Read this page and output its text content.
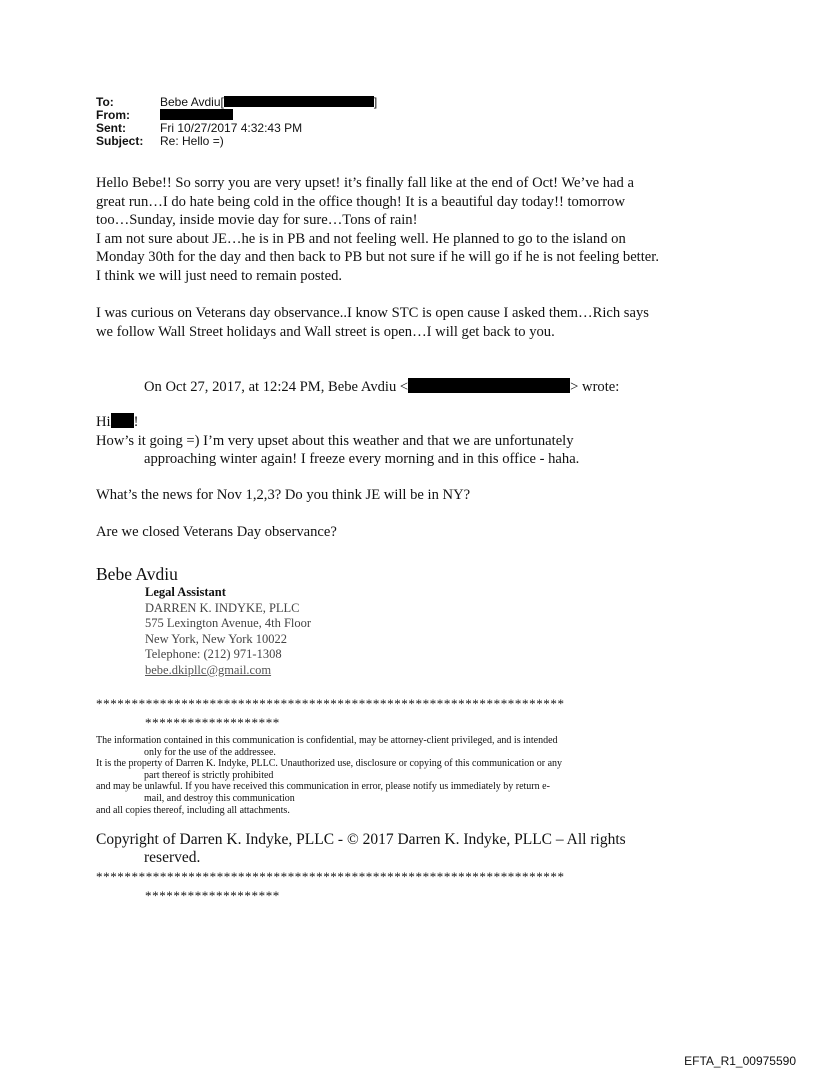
To:	Bebe Avdiu[	]
From:
Sent:	Fri 10/27/2017 4:32:43 PM
Subject:	Re: Hello =)
Hello Bebe!! So sorry you are very upset! it’s finally fall like at the end of Oct! We’ve had a
great run…I do hate being cold in the office though! It is a beautiful day today!! tomorrow
too…Sunday, inside movie day for sure…Tons of rain!
I am not sure about JE…he is in PB and not feeling well. He planned to go to the island on
Monday 30th for the day and then back to PB but not sure if he will go if he is not feeling better.
I think we will just need to remain posted.
I was curious on Veterans day observance..I know STC is open cause I asked them…Rich says
we follow Wall Street holidays and Wall street is open…I will get back to you.
On Oct 27, 2017, at 12:24 PM, Bebe Avdiu <	> wrote:
Hi !
How’s it going =) I’m very upset about this weather and that we are unfortunately
approaching winter again! I freeze every morning and in this office - haha.
What’s the news for Nov 1,2,3? Do you think JE will be in NY?
Are we closed Veterans Day observance?
Bebe Avdiu
Legal Assistant
DARREN K. INDYKE, PLLC
575 Lexington Avenue, 4th Floor
New York, New York 10022
Telephone: (212) 971-1308
bebe.dkipllc@gmail.com
******************************************************************
*******************
The information contained in this communication is confidential, may be attorney-client privileged, and is intended
only for the use of the addressee.
It is the property of Darren K. Indyke, PLLC. Unauthorized use, disclosure or copying of this communication or any
part thereof is strictly prohibited
and may be unlawful. If you have received this communication in error, please notify us immediately by return e-
mail, and destroy this communication
and all copies thereof, including all attachments.
Copyright of Darren K. Indyke, PLLC - © 2017 Darren K. Indyke, PLLC – All rights
reserved.
******************************************************************
*******************
EFTA_R1_00975590
